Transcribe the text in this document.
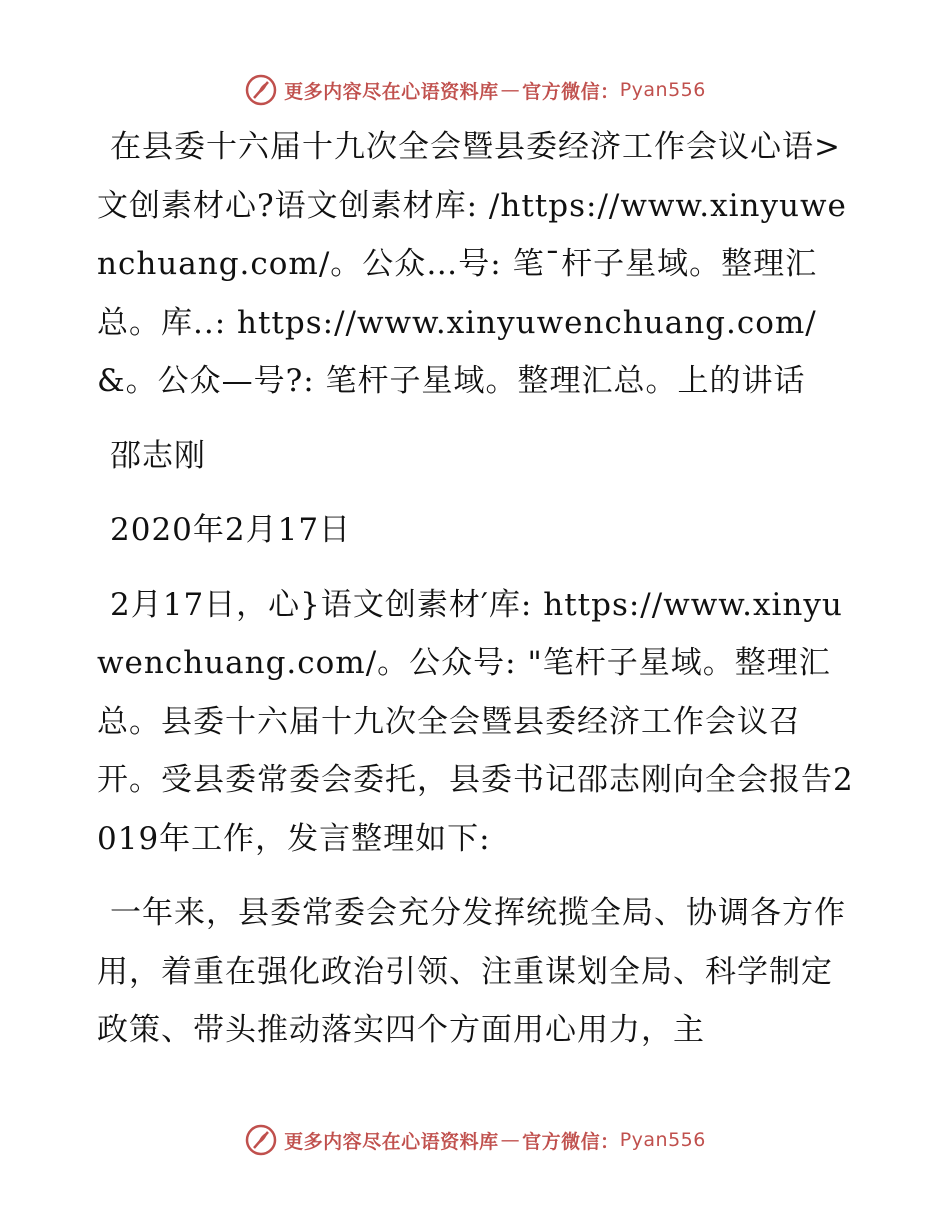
更多内容尽在心语资料库 — 官方微信： Pyan556

在县委十六届十九次全会暨县委经济工作会议心语>文创素材心?语文创素材库: /https://www.xinyuwenchuang.com/。公众…号: 笔¯杆子星域。整理汇总。库..: https://www.xinyuwenchuang.com/&。公众—号?: 笔杆子星域。整理汇总。上的讲话

邵志刚

2020年2月17日

2月17日，心}语文创素材′库: https://www.xinyuwenchuang.com/。公众号: "笔杆子星域。整理汇总。县委十六届十九次全会暨县委经济工作会议召开。受县委常委会委托，县委书记邵志刚向全会报告2019年工作，发言整理如下:

一年来，县委常委会充分发挥统揽全局、协调各方作用，着重在强化政治引领、注重谋划全局、科学制定政策、带头推动落实四个方面用心用力，主

更多内容尽在心语资料库 — 官方微信： Pyan556
